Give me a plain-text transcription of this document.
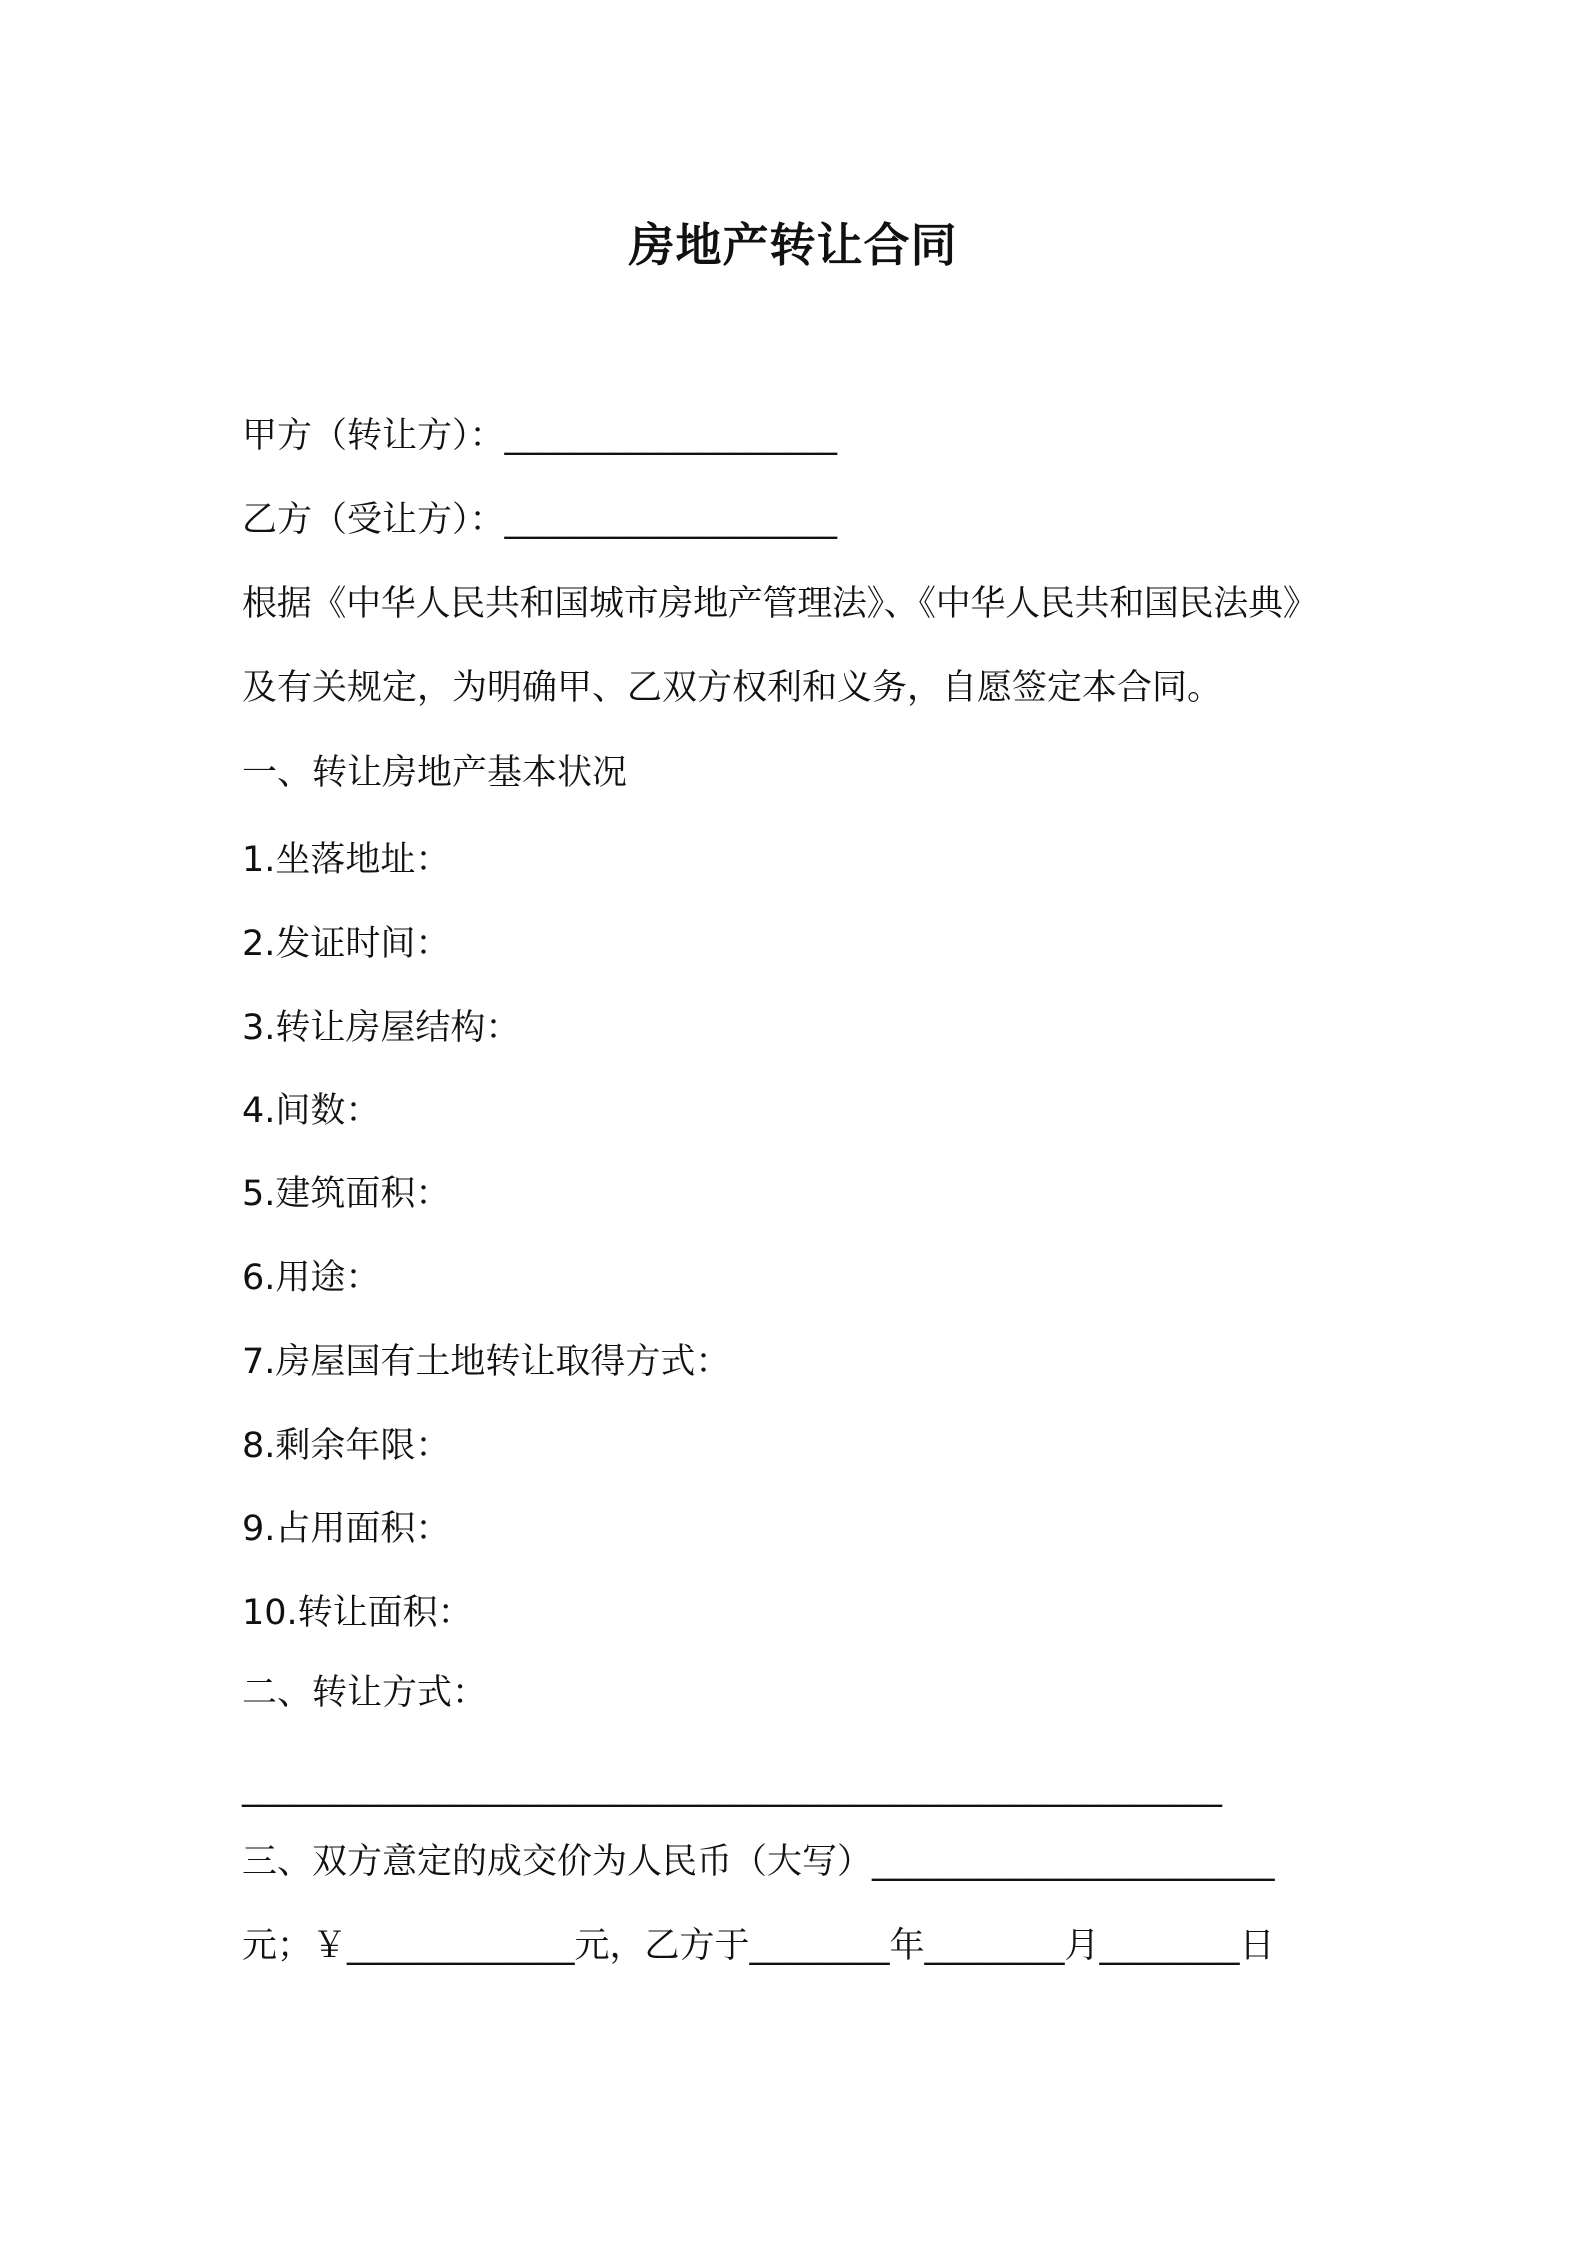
房地产转让合同
甲方（转让方）：___________________
乙方（受让方）：___________________
根据《中华人民共和国城市房地产管理法》、《中华人民共和国民法典》
及有关规定，为明确甲、乙双方权利和义务，自愿签定本合同。
一、转让房地产基本状况
1.坐落地址：
2.发证时间：
3.转让房屋结构：
4.间数：
5.建筑面积：
6.用途：
7.房屋国有土地转让取得方式：
8.剩余年限：
9.占用面积：
10.转让面积：
二、转让方式：
________________________________________________________
三、双方意定的成交价为人民币（大写）_______________________
元；￥_____________元，乙方于________年________月________日
